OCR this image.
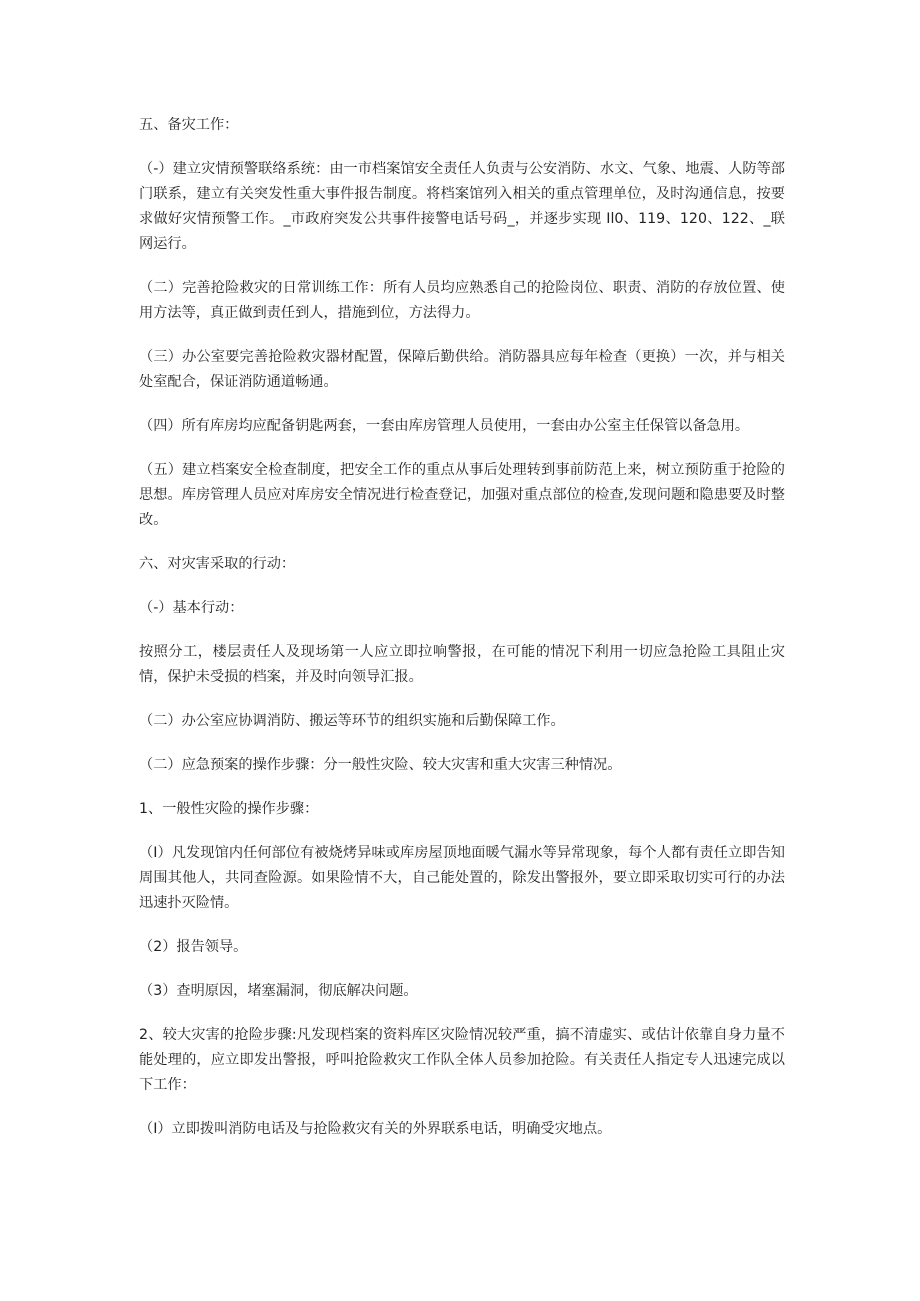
五、备灾工作：

（-）建立灾情预警联络系统：由一市档案馆安全责任人负责与公安消防、水文、气象、地震、人防等部门联系，建立有关突发性重大事件报告制度。将档案馆列入相关的重点管理单位，及时沟通信息，按要求做好灾情预警工作。_市政府突发公共事件接警电话号码_，并逐步实现 Il0、119、120、122、_联网运行。

（二）完善抢险救灾的日常训练工作：所有人员均应熟悉自己的抢险岗位、职责、消防的存放位置、使用方法等，真正做到责任到人，措施到位，方法得力。

（三）办公室要完善抢险救灾器材配置，保障后勤供给。消防器具应每年检查（更换）一次，并与相关处室配合，保证消防通道畅通。

（四）所有库房均应配备钥匙两套，一套由库房管理人员使用，一套由办公室主任保管以备急用。

（五）建立档案安全检查制度，把安全工作的重点从事后处理转到事前防范上来，树立预防重于抢险的思想。库房管理人员应对库房安全情况进行检查登记，加强对重点部位的检查,发现问题和隐患要及时整改。

六、对灾害采取的行动：

（-）基本行动：

按照分工，楼层责任人及现场第一人应立即拉响警报，在可能的情况下利用一切应急抢险工具阻止灾情，保护未受损的档案，并及时向领导汇报。

（二）办公室应协调消防、搬运等环节的组织实施和后勤保障工作。

（二）应急预案的操作步骤：分一般性灾险、较大灾害和重大灾害三种情况。

1、一般性灾险的操作步骤：

（I）凡发现馆内任何部位有被烧烤异味或库房屋顶地面暖气漏水等异常现象，每个人都有责任立即告知周围其他人，共同查险源。如果险情不大，自己能处置的，除发出警报外，要立即采取切实可行的办法迅速扑灭险情。

（2）报告领导。

（3）查明原因，堵塞漏洞，彻底解决问题。

2、较大灾害的抢险步骤:凡发现档案的资料库区灾险情况较严重，搞不清虚实、或估计依靠自身力量不能处理的，应立即发出警报，呼叫抢险救灾工作队全体人员参加抢险。有关责任人指定专人迅速完成以下工作：

（I）立即拨叫消防电话及与抢险救灾有关的外界联系电话，明确受灾地点。
